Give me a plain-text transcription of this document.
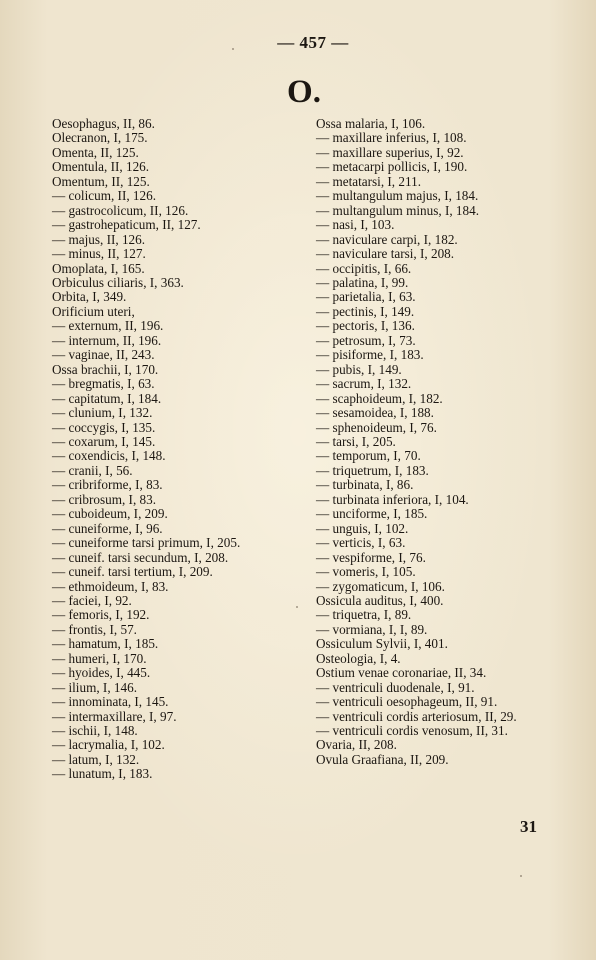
— 457 —
O.
Oesophagus, II, 86.
Olecranon, I, 175.
Omenta, II, 125.
Omentula, II, 126.
Omentum, II, 125.
— colicum, II, 126.
— gastrocolicum, II, 126.
— gastrohepaticum, II, 127.
— majus, II, 126.
— minus, II, 127.
Omoplata, I, 165.
Orbiculus ciliaris, I, 363.
Orbita, I, 349.
Orificium uteri,
— externum, II, 196.
— internum, II, 196.
— vaginae, II, 243.
Ossa brachii, I, 170.
— bregmatis, I, 63.
— capitatum, I, 184.
— clunium, I, 132.
— coccygis, I, 135.
— coxarum, I, 145.
— coxendicis, I, 148.
— cranii, I, 56.
— cribriforme, I, 83.
— cribrosum, I, 83.
— cuboideum, I, 209.
— cuneiforme, I, 96.
— cuneiforme tarsi primum, I, 205.
— cuneif. tarsi secundum, I, 208.
— cuneif. tarsi tertium, I, 209.
— ethmoideum, I, 83.
— faciei, I, 92.
— femoris, I, 192.
— frontis, I, 57.
— hamatum, I, 185.
— humeri, I, 170.
— hyoides, I, 445.
— ilium, I, 146.
— innominata, I, 145.
— intermaxillare, I, 97.
— ischii, I, 148.
— lacrymalia, I, 102.
— latum, I, 132.
— lunatum, I, 183.
Ossa malaria, I, 106.
— maxillare inferius, I, 108.
— maxillare superius, I, 92.
— metacarpi pollicis, I, 190.
— metatarsi, I, 211.
— multangulum majus, I, 184.
— multangulum minus, I, 184.
— nasi, I, 103.
— naviculare carpi, I, 182.
— naviculare tarsi, I, 208.
— occipitis, I, 66.
— palatina, I, 99.
— parietalia, I, 63.
— pectinis, I, 149.
— pectoris, I, 136.
— petrosum, I, 73.
— pisiforme, I, 183.
— pubis, I, 149.
— sacrum, I, 132.
— scaphoideum, I, 182.
— sesamoidea, I, 188.
— sphenoideum, I, 76.
— tarsi, I, 205.
— temporum, I, 70.
— triquetrum, I, 183.
— turbinata, I, 86.
— turbinata inferiora, I, 104.
— unciforme, I, 185.
— unguis, I, 102.
— verticis, I, 63.
— vespiforme, I, 76.
— vomeris, I, 105.
— zygomaticum, I, 106.
Ossicula auditus, I, 400.
— triquetra, I, 89.
— vormiana, I, I, 89.
Ossiculum Sylvii, I, 401.
Osteologia, I, 4.
Ostium venae coronariae, II, 34.
— ventriculi duodenale, I, 91.
— ventriculi oesophageum, II, 91.
— ventriculi cordis arteriosum, II, 29.
— ventriculi cordis venosum, II, 31.
Ovaria, II, 208.
Ovula Graafiana, II, 209.
31
